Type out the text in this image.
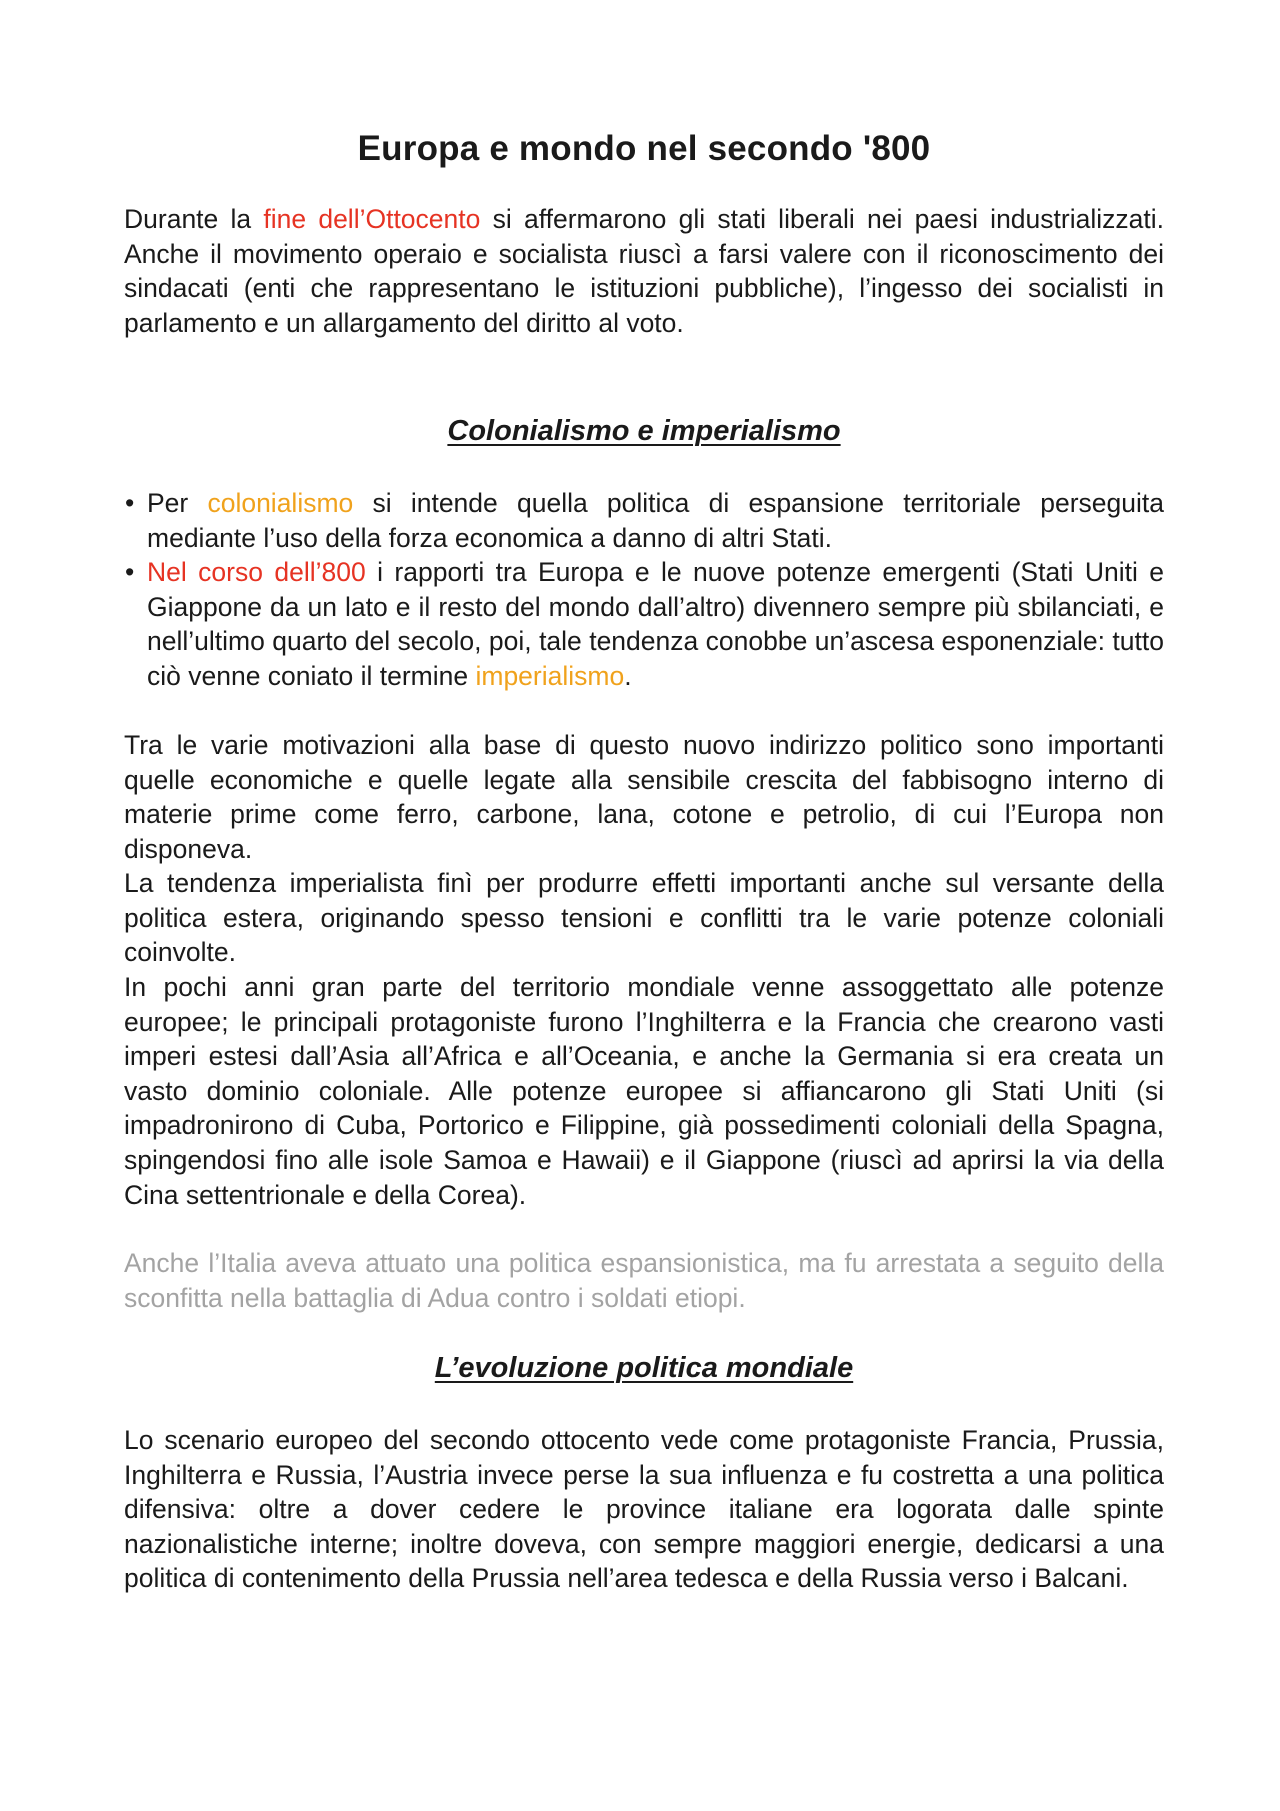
Europa e mondo nel secondo '800

Durante la fine dell’Ottocento si affermarono gli stati liberali nei paesi industrializzati. Anche il movimento operaio e socialista riuscì a farsi valere con il riconoscimento dei sindacati (enti che rappresentano le istituzioni pubbliche), l’ingesso dei socialisti in parlamento e un allargamento del diritto al voto.

Colonialismo e imperialismo
• Per colonialismo si intende quella politica di espansione territoriale perseguita mediante l’uso della forza economica a danno di altri Stati.
• Nel corso dell’800 i rapporti tra Europa e le nuove potenze emergenti (Stati Uniti e Giappone da un lato e il resto del mondo dall’altro) divennero sempre più sbilanciati, e nell’ultimo quarto del secolo, poi, tale tendenza conobbe un’ascesa esponenziale: tutto ciò venne coniato il termine imperialismo.

Tra le varie motivazioni alla base di questo nuovo indirizzo politico sono importanti quelle economiche e quelle legate alla sensibile crescita del fabbisogno interno di materie prime come ferro, carbone, lana, cotone e petrolio, di cui l’Europa non disponeva.

La tendenza imperialista finì per produrre effetti importanti anche sul versante della politica estera, originando spesso tensioni e conflitti tra le varie potenze coloniali coinvolte.

In pochi anni gran parte del territorio mondiale venne assoggettato alle potenze europee; le principali protagoniste furono l’Inghilterra e la Francia che crearono vasti imperi estesi dall’Asia all’Africa e all’Oceania, e anche la Germania si era creata un vasto dominio coloniale. Alle potenze europee si affiancarono gli Stati Uniti (si impadronirono di Cuba, Portorico e Filippine, già possedimenti coloniali della Spagna, spingendosi fino alle isole Samoa e Hawaii) e il Giappone (riuscì ad aprirsi la via della Cina settentrionale e della Corea).

Anche l’Italia aveva attuato una politica espansionistica, ma fu arrestata a seguito della sconfitta nella battaglia di Adua contro i soldati etiopi.

L’evoluzione politica mondiale

Lo scenario europeo del secondo ottocento vede come protagoniste Francia, Prussia, Inghilterra e Russia, l’Austria invece perse la sua influenza e fu costretta a una politica difensiva: oltre a dover cedere le province italiane era logorata dalle spinte nazionalistiche interne; inoltre doveva, con sempre maggiori energie, dedicarsi a una politica di contenimento della Prussia nell’area tedesca e della Russia verso i Balcani.
